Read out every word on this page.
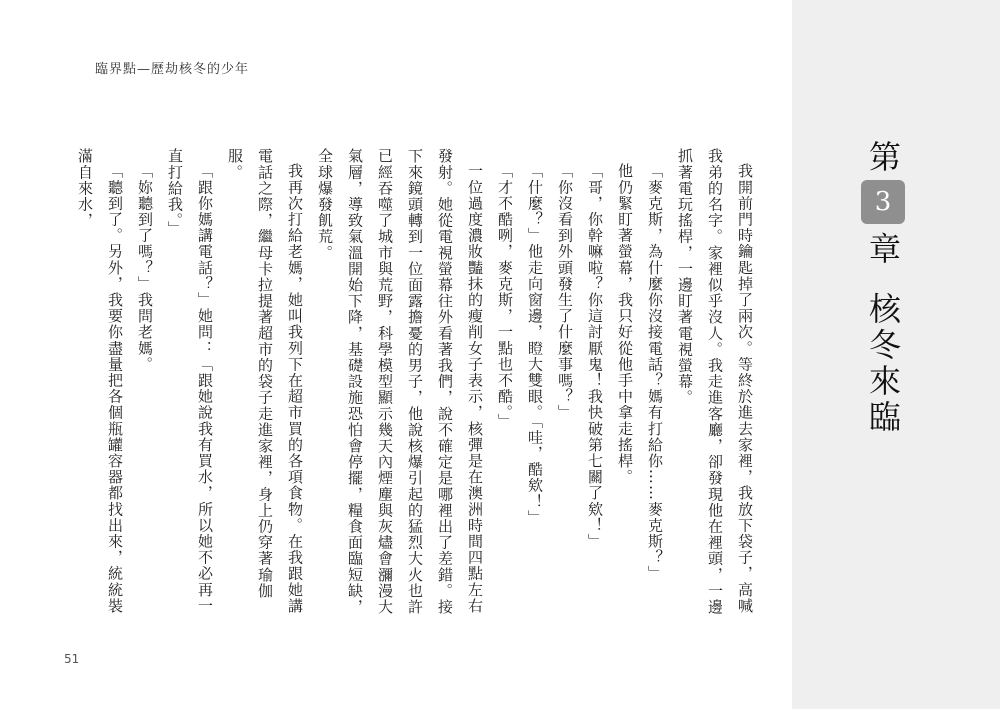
臨界點—歷劫核冬的少年

我開前門時鑰匙掉了兩次。等終於進去家裡，我放下袋子，高喊我弟的名字。家裡似乎沒人。我走進客廳，卻發現他在裡頭，一邊抓著電玩搖桿，一邊盯著電視螢幕。

「麥克斯，為什麼你沒接電話？媽有打給你……麥克斯？」

他仍緊盯著螢幕，我只好從他手中拿走搖桿。

「哥，你幹嘛啦？你這討厭鬼！我快破第七關了欸！」

「你沒看到外頭發生了什麼事嗎？」

「什麼？」他走向窗邊，瞪大雙眼。「哇，酷欸！」

「才不酷咧，麥克斯，一點也不酷。」

一位過度濃妝豔抹的瘦削女子表示，核彈是在澳洲時間四點左右發射。她從電視螢幕往外看著我們，說不確定是哪裡出了差錯。接下來鏡頭轉到一位面露擔憂的男子，他說核爆引起的猛烈大火也許已經吞噬了城市與荒野，科學模型顯示幾天內煙塵與灰燼會瀰漫大氣層，導致氣溫開始下降，基礎設施恐怕會停擺，糧食面臨短缺，全球爆發飢荒。

我再次打給老媽，她叫我列下在超市買的各項食物。在我跟她講電話之際，繼母卡拉提著超市的袋子走進家裡，身上仍穿著瑜伽服。

「跟你媽講電話？」她問：「跟她說我有買水，所以她不必再一直打給我。」

「妳聽到了嗎？」我問老媽。

「聽到了。另外，我要你盡量把各個瓶罐容器都找出來，統統裝滿自來水，

51
第
3
章
核冬來臨
